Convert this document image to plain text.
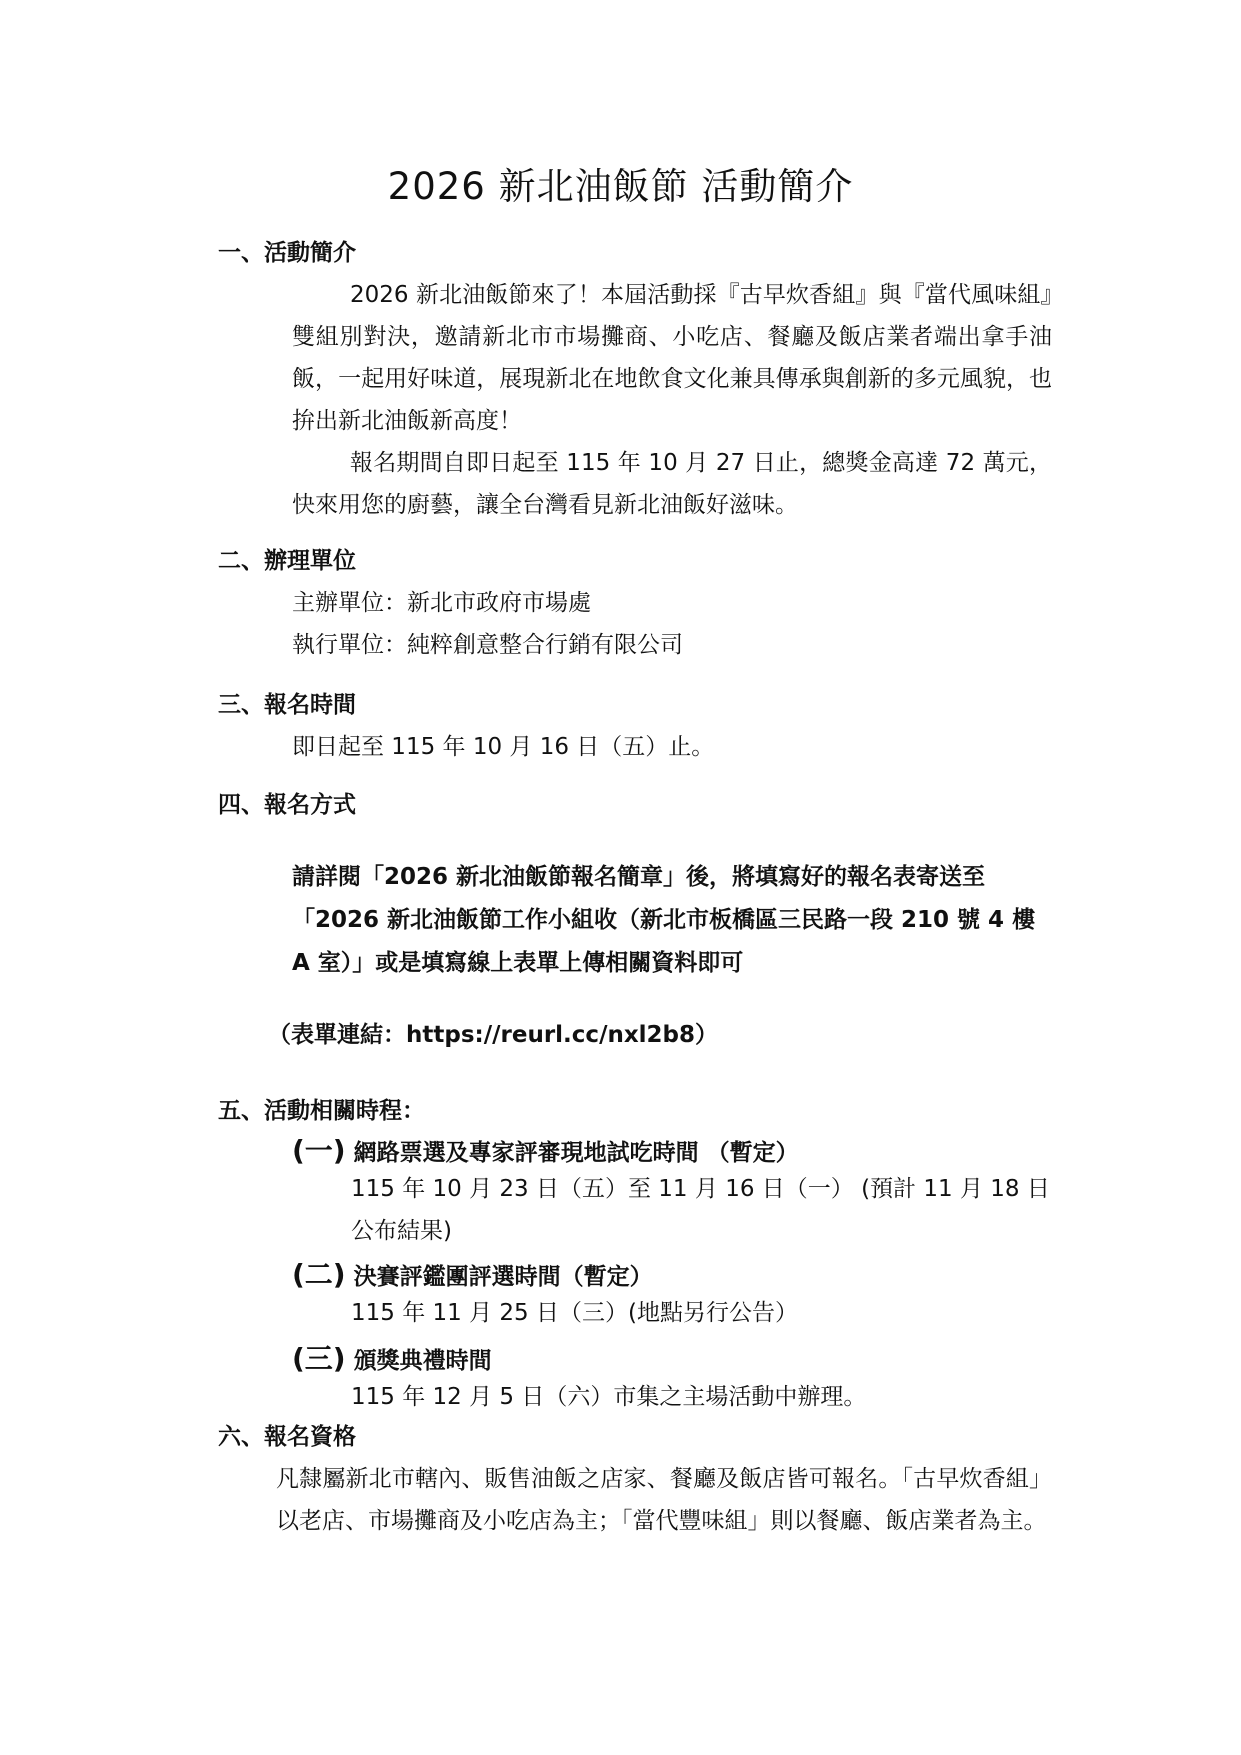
2026 新北油飯節 活動簡介
一、活動簡介
2026 新北油飯節來了！本屆活動採『古早炊香組』與『當代風味組』雙組別對決，邀請新北市市場攤商、小吃店、餐廳及飯店業者端出拿手油飯，一起用好味道，展現新北在地飲食文化兼具傳承與創新的多元風貌，也拚出新北油飯新高度！
報名期間自即日起至 115 年 10 月 27 日止，總獎金高達 72 萬元，快來用您的廚藝，讓全台灣看見新北油飯好滋味。
二、辦理單位
主辦單位：新北市政府市場處
執行單位：純粹創意整合行銷有限公司
三、報名時間
即日起至 115 年 10 月 16 日（五）止。
四、報名方式
請詳閱「2026 新北油飯節報名簡章」後，將填寫好的報名表寄送至「2026 新北油飯節工作小組收（新北市板橋區三民路一段 210 號 4 樓 A 室）」或是填寫線上表單上傳相關資料即可
（表單連結：https://reurl.cc/nxl2b8）
五、活動相關時程：
(一) 網路票選及專家評審現地試吃時間 （暫定）
115 年 10 月 23 日（五）至 11 月 16 日（一） (預計 11 月 18 日公布結果)
(二) 決賽評鑑團評選時間（暫定）
115 年 11 月 25 日（三）(地點另行公告）
(三) 頒獎典禮時間
115 年 12 月 5 日（六）市集之主場活動中辦理。
六、報名資格
凡隸屬新北市轄內、販售油飯之店家、餐廳及飯店皆可報名。「古早炊香組」以老店、市場攤商及小吃店為主；「當代豐味組」則以餐廳、飯店業者為主。
